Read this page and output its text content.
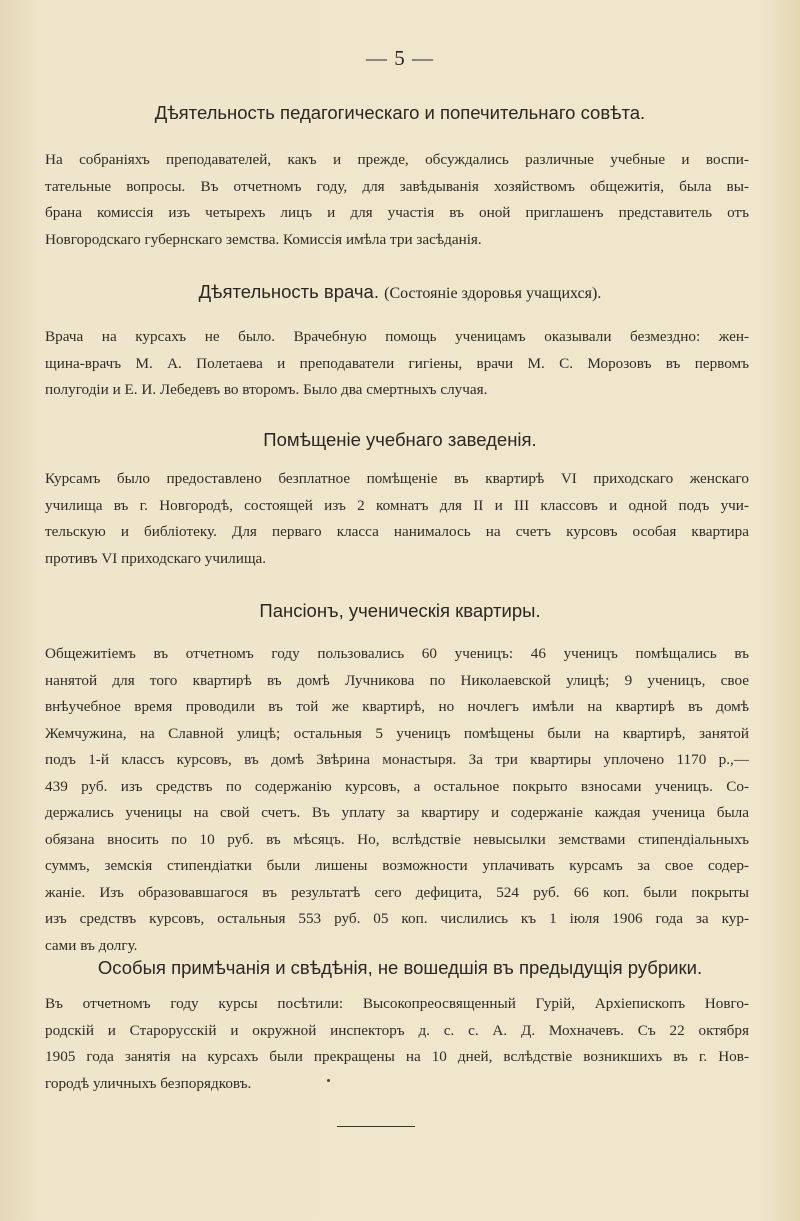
— 5 —
Дѣятельность педагогическаго и попечительнаго совѣта.
На собраніяхъ преподавателей, какъ и прежде, обсуждались различные учебные и воспи-
тательные вопросы. Въ отчетномъ году, для завѣдыванія хозяйствомъ общежитія, была вы-
брана комиссія изъ четырехъ лицъ и для участія въ оной приглашенъ представитель отъ
Новгородскаго губернскаго земства. Комиссія имѣла три засѣданія.
Дѣятельность врача. (Состояніе здоровья учащихся).
Врача на курсахъ не было. Врачебную помощь ученицамъ оказывали безмездно: жен-
щина-врачъ М. А. Полетаева и преподаватели гигіены, врачи М. С. Морозовъ въ первомъ
полугодіи и Е. И. Лебедевъ во второмъ. Было два смертныхъ случая.
Помѣщеніе учебнаго заведенія.
Курсамъ было предоставлено безплатное помѣщеніе въ квартирѣ VI приходскаго женскаго
училища въ г. Новгородѣ, состоящей изъ 2 комнатъ для II и III классовъ и одной подъ учи-
тельскую и библіотеку. Для перваго класса нанималось на счетъ курсовъ особая квартира
противъ VI приходскаго училища.
Пансіонъ, ученическія квартиры.
Общежитіемъ въ отчетномъ году пользовались 60 ученицъ: 46 ученицъ помѣщались въ
нанятой для того квартирѣ въ домѣ Лучникова по Николаевской улицѣ; 9 ученицъ, свое
внѣучебное время проводили въ той же квартирѣ, но ночлегъ имѣли на квартирѣ въ домѣ
Жемчужина, на Славной улицѣ; остальныя 5 ученицъ помѣщены были на квартирѣ, занятой
подъ 1-й классъ курсовъ, въ домѣ Звѣрина монастыря. За три квартиры уплочено 1170 р.,—
439 руб. изъ средствъ по содержанію курсовъ, а остальное покрыто взносами ученицъ. Со-
держались ученицы на свой счетъ. Въ уплату за квартиру и содержаніе каждая ученица была
обязана вносить по 10 руб. въ мѣсяцъ. Но, вслѣдствіе невысылки земствами стипендіальныхъ
суммъ, земскія стипендіатки были лишены возможности уплачивать курсамъ за свое содер-
жаніе. Изъ образовавшагося въ результатѣ сего дефицита, 524 руб. 66 коп. были покрыты
изъ средствъ курсовъ, остальныя 553 руб. 05 коп. числились къ 1 іюля 1906 года за кур-
сами въ долгу.
Особыя примѣчанія и свѣдѣнія, не вошедшія въ предыдущія рубрики.
Въ отчетномъ году курсы посѣтили: Высокопреосвященный Гурій, Архіепископъ Новго-
родскій и Старорусскій и окружной инспекторъ д. с. с. А. Д. Мохначевъ. Съ 22 октября
1905 года занятія на курсахъ были прекращены на 10 дней, вслѣдствіе возникшихъ въ г. Нов-
городѣ уличныхъ безпорядковъ.
